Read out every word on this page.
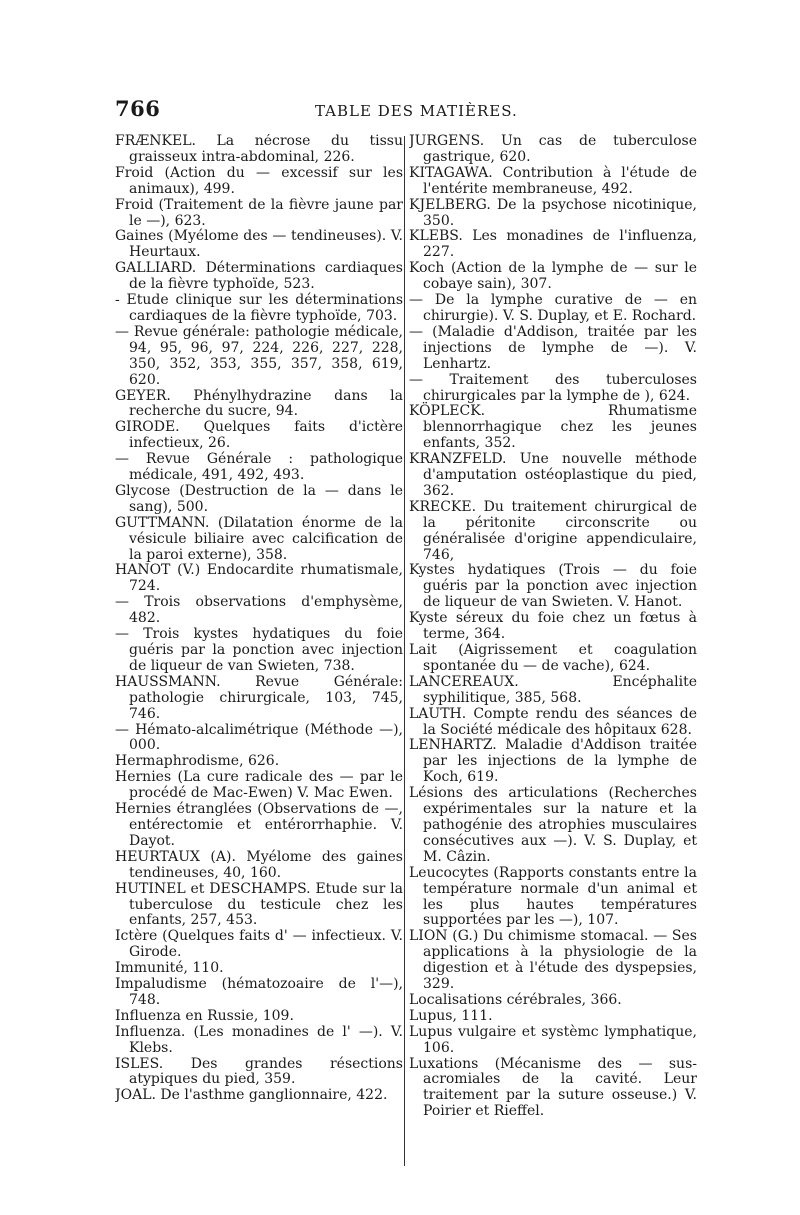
766	TABLE DES MATIÈRES.

FRÆNKEL. La nécrose du tissu graisseux intra-abdominal, 226.

Froid (Action du — excessif sur les animaux), 499.

Froid (Traitement de la fièvre jaune par le —), 623.

Gaines (Myélome des — tendineuses). V. Heurtaux.

GALLIARD. Déterminations cardiaques de la fièvre typhoïde, 523.

- Etude clinique sur les déterminations cardiaques de la fièvre typhoïde, 703.

— Revue générale: pathologie médicale, 94, 95, 96, 97, 224, 226, 227, 228, 350, 352, 353, 355, 357, 358, 619, 620.

GEYER. Phénylhydrazine dans la recherche du sucre, 94.

GIRODE. Quelques faits d'ictère infectieux, 26.

— Revue Générale : pathologique médicale, 491, 492, 493.

Glycose (Destruction de la — dans le sang), 500.

GUTTMANN. (Dilatation énorme de la vésicule biliaire avec calcification de la paroi externe), 358.

HANOT (V.) Endocardite rhumatismale, 724.

— Trois observations d'emphysème, 482.

— Trois kystes hydatiques du foie guéris par la ponction avec injection de liqueur de van Swieten, 738.

HAUSSMANN. Revue Générale: pathologie chirurgicale, 103, 745, 746.

— Hémato-alcalimétrique (Méthode —), 000.

Hermaphrodisme, 626.

Hernies (La cure radicale des — par le procédé de Mac-Ewen) V. Mac Ewen.

Hernies étranglées (Observations de —, entérectomie et entérorrhaphie. V. Dayot.

HEURTAUX (A). Myélome des gaines tendineuses, 40, 160.

HUTINEL et DESCHAMPS. Etude sur la tuberculose du testicule chez les enfants, 257, 453.

Ictère (Quelques faits d' — infectieux. V. Girode.

Immunité, 110.

Impaludisme (hématozoaire de l'—), 748.

Influenza en Russie, 109.

Influenza. (Les monadines de l' —). V. Klebs.

ISLES. Des grandes résections atypiques du pied, 359.

JOAL. De l'asthme ganglionnaire, 422.

JURGENS. Un cas de tuberculose gastrique, 620.

KITAGAWA. Contribution à l'étude de l'entérite membraneuse, 492.

KJELBERG. De la psychose nicotinique, 350.

KLEBS. Les monadines de l'influenza, 227.

Koch (Action de la lymphe de — sur le cobaye sain), 307.

— De la lymphe curative de — en chirurgie). V. S. Duplay, et E. Rochard.

— (Maladie d'Addison, traitée par les injections de lymphe de —). V. Lenhartz.

— Traitement des tuberculoses chirurgicales par la lymphe de ), 624.

KÖPLECK. Rhumatisme blennorrhagique chez les jeunes enfants, 352.

KRANZFELD. Une nouvelle méthode d'amputation ostéoplastique du pied, 362.

KRECKE. Du traitement chirurgical de la péritonite circonscrite ou généralisée d'origine appendiculaire, 746,

Kystes hydatiques (Trois — du foie guéris par la ponction avec injection de liqueur de van Swieten. V. Hanot.

Kyste séreux du foie chez un fœtus à terme, 364.

Lait (Aigrissement et coagulation spontanée du — de vache), 624.

LANCEREAUX. Encéphalite syphilitique, 385, 568.

LAUTH. Compte rendu des séances de la Société médicale des hôpitaux 628.

LENHARTZ. Maladie d'Addison traitée par les injections de la lymphe de Koch, 619.

Lésions des articulations (Recherches expérimentales sur la nature et la pathogénie des atrophies musculaires consécutives aux —). V. S. Duplay, et M. Câzin.

Leucocytes (Rapports constants entre la température normale d'un animal et les plus hautes températures supportées par les —), 107.

LION (G.) Du chimisme stomacal. — Ses applications à la physiologie de la digestion et à l'étude des dyspepsies, 329.

Localisations cérébrales, 366.

Lupus, 111.

Lupus vulgaire et systèmc lymphatique, 106.

Luxations (Mécanisme des — sus-acromiales de la cavité. Leur traitement par la suture osseuse.) V. Poirier et Rieffel.
